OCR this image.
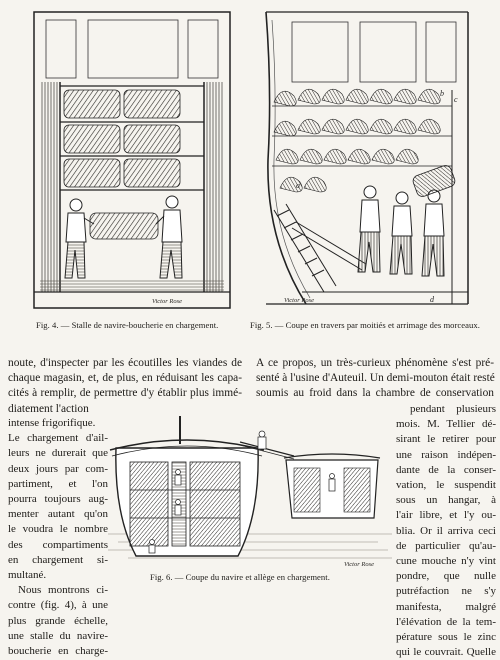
Victor Rose
Fig. 4. — Stalle de navire-boucherie en chargement.
a
b
c
d
Victor Rose
Fig. 5. — Coupe en travers par moitiés et arrimage des morceaux.
noute, d'inspecter par les écoutilles les viandes de
chaque magasin, et, de plus, en réduisant les capa-
cités à remplir, de permettre d'y établir plus immé-
diatement l'action
A ce propos, un très-curieux phénomène s'est pré-
senté à l'usine d'Auteuil. Un demi-mouton était resté
soumis au froid dans la chambre de conservation
intense frigorifique.
Le chargement d'ail-
leurs ne durerait que
deux jours par com-
partiment, et l'on
pourra toujours aug-
menter autant qu'on
le voudra le nombre
des compartiments
en chargement si-
multané.
Nous montrons ci-
contre (fig. 4), à une
plus grande échelle,
une stalle du navire-
boucherie en charge-
pendant plusieurs
mois. M. Tellier dé-
sirant le retirer pour
une raison indépen-
dante de la conser-
vation, le suspendit
sous un hangar, à
l'air libre, et l'y ou-
blia. Or il arriva ceci
de particulier qu'au-
cune mouche n'y vint
pondre, que nulle
putréfaction ne s'y
manifesta, malgré
l'élévation de la tem-
pérature sous le zinc
qui le couvrait. Quelle
Victor Rose
Fig. 6. — Coupe du navire et allège en chargement.
